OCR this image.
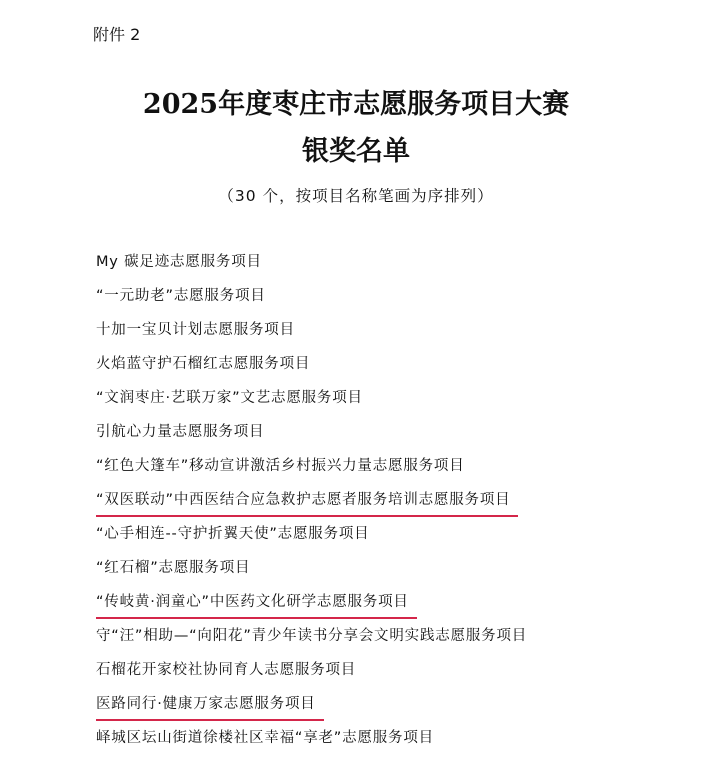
附件 2
2025年度枣庄市志愿服务项目大赛
银奖名单
（30 个，按项目名称笔画为序排列）
My 碳足迹志愿服务项目
“一元助老”志愿服务项目
十加一宝贝计划志愿服务项目
火焰蓝守护石榴红志愿服务项目
“文润枣庄·艺联万家”文艺志愿服务项目
引航心力量志愿服务项目
“红色大篷车”移动宣讲激活乡村振兴力量志愿服务项目
“双医联动”中西医结合应急救护志愿者服务培训志愿服务项目
“心手相连--守护折翼天使”志愿服务项目
“红石榴”志愿服务项目
“传岐黄·润童心”中医药文化研学志愿服务项目
守“汪”相助—“向阳花”青少年读书分享会文明实践志愿服务项目
石榴花开家校社协同育人志愿服务项目
医路同行·健康万家志愿服务项目
峄城区坛山街道徐楼社区幸福“享老”志愿服务项目
